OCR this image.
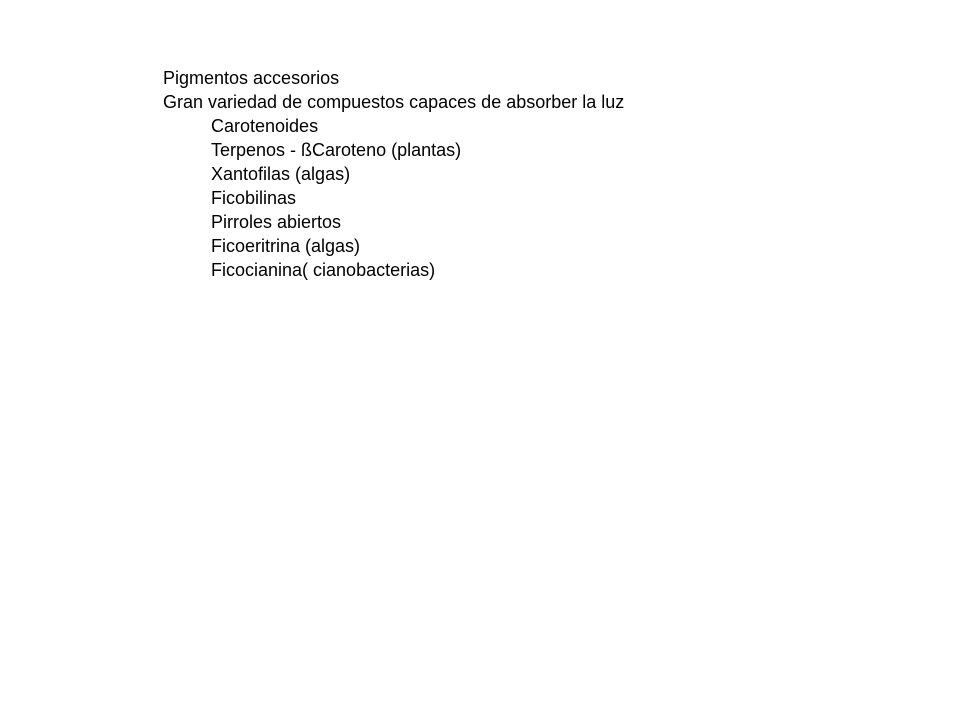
Pigmentos accesorios
Gran variedad de compuestos capaces de absorber la luz
Carotenoides
Terpenos - ßCaroteno (plantas)
Xantofilas (algas)
Ficobilinas
Pirroles abiertos
Ficoeritrina (algas)
Ficocianina( cianobacterias)
